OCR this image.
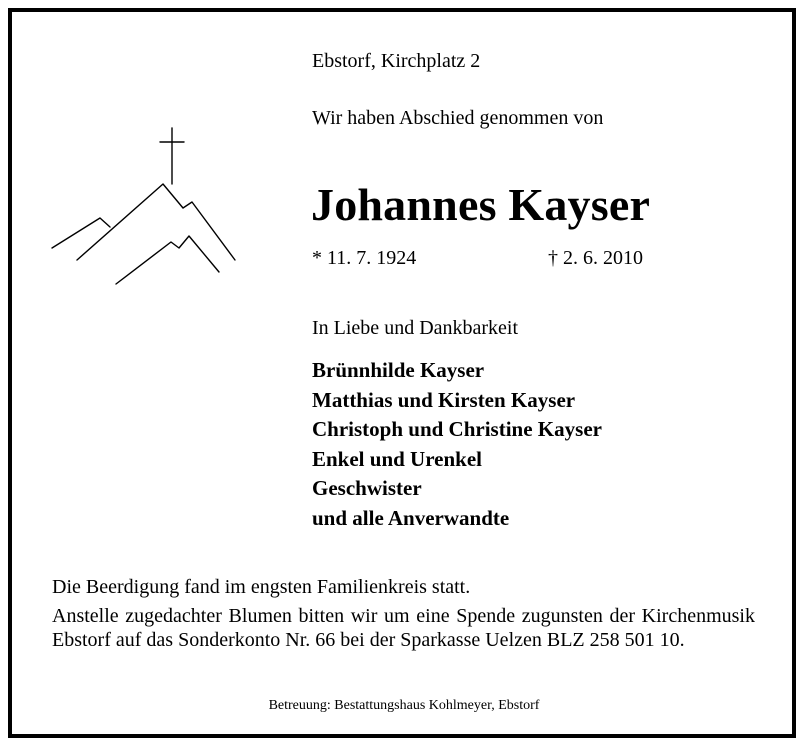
Ebstorf, Kirchplatz 2
Wir haben Abschied genommen von
Johannes Kayser
* 11. 7. 1924	† 2. 6. 2010
In Liebe und Dankbarkeit
Brünnhilde Kayser
Matthias und Kirsten Kayser
Christoph und Christine Kayser
Enkel und Urenkel
Geschwister
und alle Anverwandte
Die Beerdigung fand im engsten Familienkreis statt.
Anstelle zugedachter Blumen bitten wir um eine Spende zugunsten der Kirchenmusik Ebstorf auf das Sonderkonto Nr. 66 bei der Sparkasse Uelzen BLZ 258 501 10.
Betreuung: Bestattungshaus Kohlmeyer, Ebstorf
